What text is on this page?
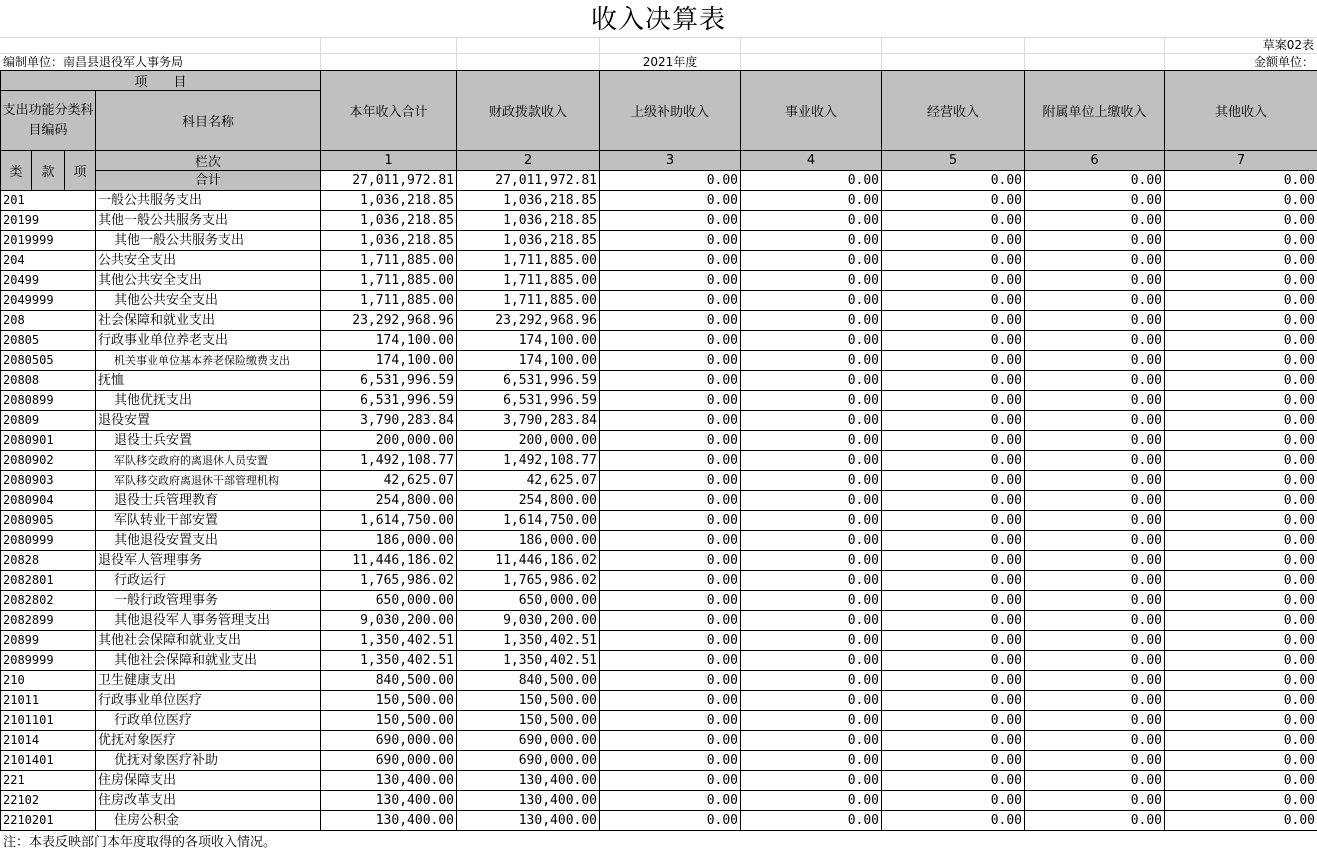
收入决算表
草案02表
编制单位：南昌县退役军人事务局	2021年度	金额单位：
项　　目				本年收入合计	财政拨款收入	上级补助收入	事业收入	经营收入	附属单位上缴收入	其他收入
支出功能分类科目编码			科目名称							

类	款	项	栏次	1	2	3	4	5	6	7
			合计	27,011,972.81	27,011,972.81	0.00	0.00	0.00	0.00	0.00
201			一般公共服务支出	1,036,218.85	1,036,218.85	0.00	0.00	0.00	0.00	0.00
20199			其他一般公共服务支出	1,036,218.85	1,036,218.85	0.00	0.00	0.00	0.00	0.00
2019999			其他一般公共服务支出	1,036,218.85	1,036,218.85	0.00	0.00	0.00	0.00	0.00
204			公共安全支出	1,711,885.00	1,711,885.00	0.00	0.00	0.00	0.00	0.00
20499			其他公共安全支出	1,711,885.00	1,711,885.00	0.00	0.00	0.00	0.00	0.00
2049999			其他公共安全支出	1,711,885.00	1,711,885.00	0.00	0.00	0.00	0.00	0.00
208			社会保障和就业支出	23,292,968.96	23,292,968.96	0.00	0.00	0.00	0.00	0.00
20805			行政事业单位养老支出	174,100.00	174,100.00	0.00	0.00	0.00	0.00	0.00
2080505			机关事业单位基本养老保险缴费支出	174,100.00	174,100.00	0.00	0.00	0.00	0.00	0.00
20808			抚恤	6,531,996.59	6,531,996.59	0.00	0.00	0.00	0.00	0.00
2080899			其他优抚支出	6,531,996.59	6,531,996.59	0.00	0.00	0.00	0.00	0.00
20809			退役安置	3,790,283.84	3,790,283.84	0.00	0.00	0.00	0.00	0.00
2080901			退役士兵安置	200,000.00	200,000.00	0.00	0.00	0.00	0.00	0.00
2080902			军队移交政府的离退休人员安置	1,492,108.77	1,492,108.77	0.00	0.00	0.00	0.00	0.00
2080903			军队移交政府离退休干部管理机构	42,625.07	42,625.07	0.00	0.00	0.00	0.00	0.00
2080904			退役士兵管理教育	254,800.00	254,800.00	0.00	0.00	0.00	0.00	0.00
2080905			军队转业干部安置	1,614,750.00	1,614,750.00	0.00	0.00	0.00	0.00	0.00
2080999			其他退役安置支出	186,000.00	186,000.00	0.00	0.00	0.00	0.00	0.00
20828			退役军人管理事务	11,446,186.02	11,446,186.02	0.00	0.00	0.00	0.00	0.00
2082801			行政运行	1,765,986.02	1,765,986.02	0.00	0.00	0.00	0.00	0.00
2082802			一般行政管理事务	650,000.00	650,000.00	0.00	0.00	0.00	0.00	0.00
2082899			其他退役军人事务管理支出	9,030,200.00	9,030,200.00	0.00	0.00	0.00	0.00	0.00
20899			其他社会保障和就业支出	1,350,402.51	1,350,402.51	0.00	0.00	0.00	0.00	0.00
2089999			其他社会保障和就业支出	1,350,402.51	1,350,402.51	0.00	0.00	0.00	0.00	0.00
210			卫生健康支出	840,500.00	840,500.00	0.00	0.00	0.00	0.00	0.00
21011			行政事业单位医疗	150,500.00	150,500.00	0.00	0.00	0.00	0.00	0.00
2101101			行政单位医疗	150,500.00	150,500.00	0.00	0.00	0.00	0.00	0.00
21014			优抚对象医疗	690,000.00	690,000.00	0.00	0.00	0.00	0.00	0.00
2101401			优抚对象医疗补助	690,000.00	690,000.00	0.00	0.00	0.00	0.00	0.00
221			住房保障支出	130,400.00	130,400.00	0.00	0.00	0.00	0.00	0.00
22102			住房改革支出	130,400.00	130,400.00	0.00	0.00	0.00	0.00	0.00
2210201			住房公积金	130,400.00	130,400.00	0.00	0.00	0.00	0.00	0.00
注：本表反映部门本年度取得的各项收入情况。
